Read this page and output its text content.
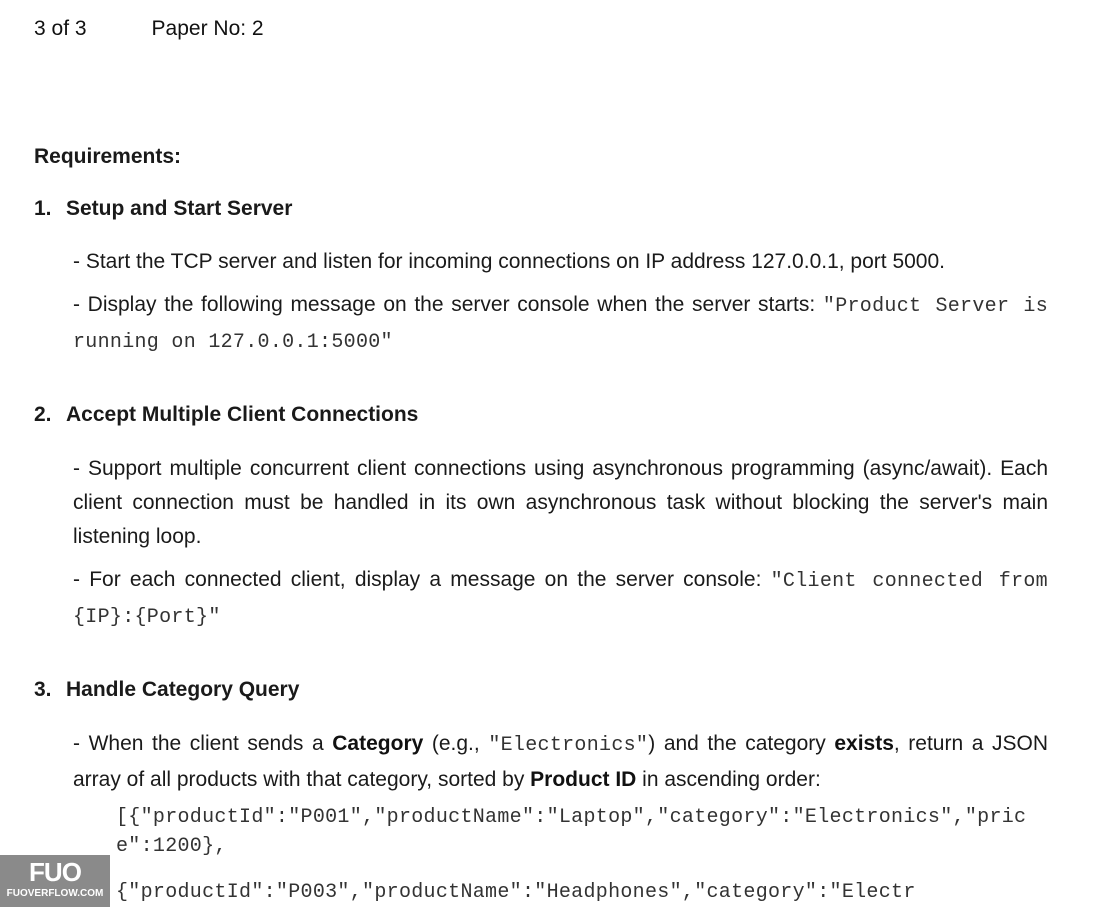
3 of 3	Paper No: 2
Requirements:
1. Setup and Start Server
- Start the TCP server and listen for incoming connections on IP address 127.0.0.1, port 5000.
- Display the following message on the server console when the server starts: "Product Server is running on 127.0.0.1:5000"
2. Accept Multiple Client Connections
- Support multiple concurrent client connections using asynchronous programming (async/await). Each client connection must be handled in its own asynchronous task without blocking the server's main listening loop.
- For each connected client, display a message on the server console: "Client connected from {IP}:{Port}"
3. Handle Category Query
- When the client sends a Category (e.g., "Electronics") and the category exists, return a JSON array of all products with that category, sorted by Product ID in ascending order:
[{"productId":"P001","productName":"Laptop","category":"Electronics","price":1200},
{"productId":"P003","productName":"Headphones","category":"Electr
FUO
FUOVERFLOW.COM
